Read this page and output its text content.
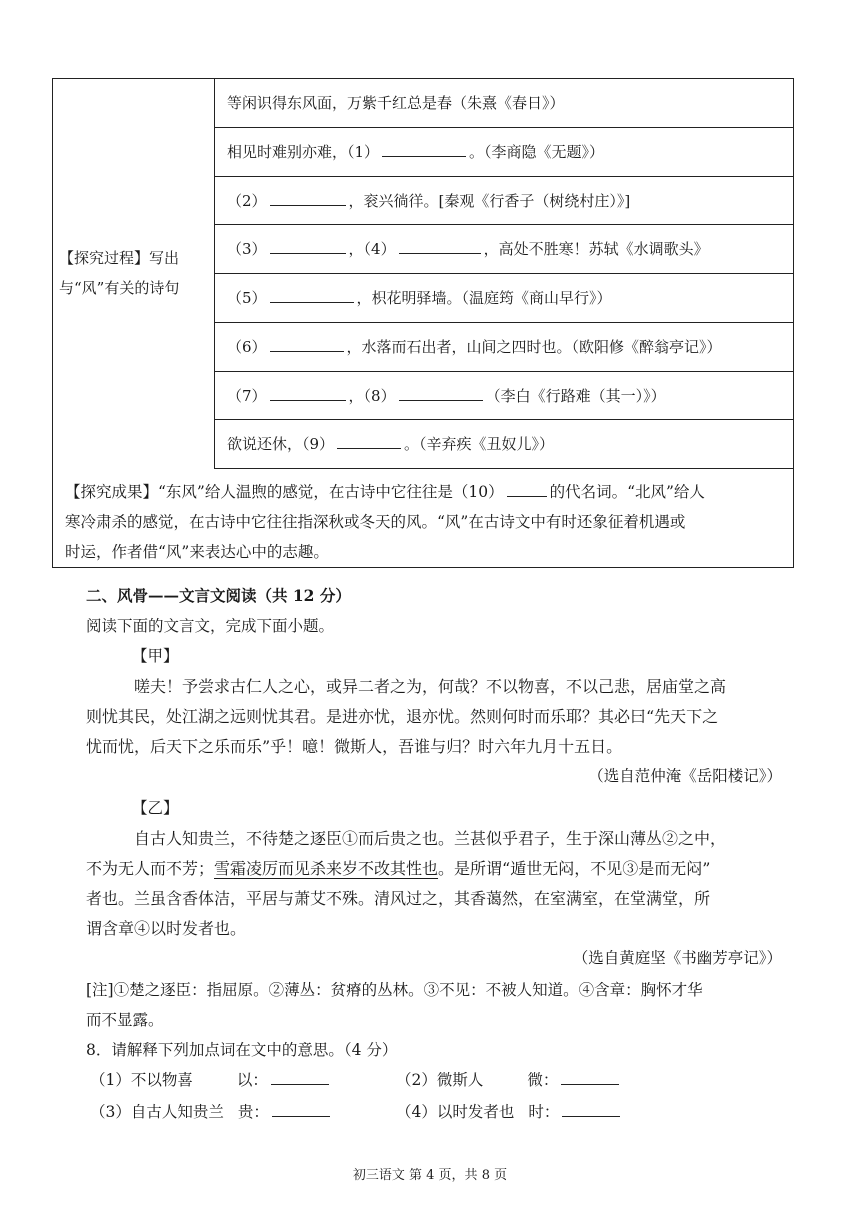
【探究过程】写出与“风”有关的诗句
等闲识得东风面，万紫千红总是春（朱熹《春日》）
相见时难别亦难，（1）	。（李商隐《无题》）
（2）	，衮兴徜徉。[秦观《行香子（树绕村庄）》]
（3）	，（4）	，高处不胜寒！苏轼《水调歌头》
（5）	，枳花明驿墙。（温庭筠《商山早行》）
（6）	，水落而石出者，山间之四时也。（欧阳修《醉翁亭记》）
（7）	，（8）	（李白《行路难（其一）》）
欲说还休，（9）	。（辛弃疾《丑奴儿》）
【探究成果】“东风”给人温煦的感觉，在古诗中它往往是（10）	的代名词。“北风”给人
寒冷肃杀的感觉，在古诗中它往往指深秋或冬天的风。“风”在古诗文中有时还象征着机遇或
时运，作者借“风”来表达心中的志趣。
二、风骨——文言文阅读（共 12 分）
阅读下面的文言文，完成下面小题。
【甲】
嗟夫！予尝求古仁人之心，或异二者之为，何哉？不以物喜，不以己悲，居庙堂之高
则忧其民，处江湖之远则忧其君。是进亦忧，退亦忧。然则何时而乐耶？其必曰“先天下之
忧而忧，后天下之乐而乐”乎！噫！微斯人，吾谁与归？时六年九月十五日。
（选自范仲淹《岳阳楼记》）
【乙】
自古人知贵兰，不待楚之逐臣①而后贵之也。兰甚似乎君子，生于深山薄丛②之中，
不为无人而不芳；雪霜凌厉而见杀来岁不改其性也。是所谓“遁世无闷，不见③是而无闷”
者也。兰虽含香体洁，平居与萧艾不殊。清风过之，其香蔼然，在室满室，在堂满堂，所
谓含章④以时发者也。
（选自黄庭坚《书幽芳亭记》）
[注]①楚之逐臣：指屈原。②薄丛：贫瘠的丛林。③不见：不被人知道。④含章：胸怀才华
而不显露。
8．请解释下列加点词在文中的意思。（4 分）
（1）不以物喜	以：	（2）微斯人	微：
（3）自古人知贵兰 贵：	（4）以时发者也 时：
初三语文 第 4 页，共 8 页
